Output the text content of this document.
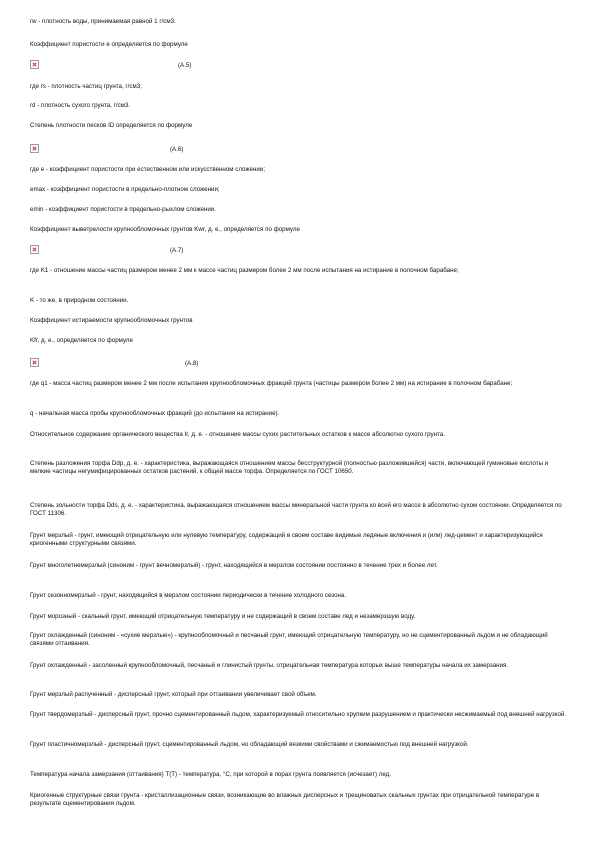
rw - плотность воды, принимаемая равной 1 г/см3.
Коэффициент пористости e определяется по формуле
(А.5)
где rs - плотность частиц грунта, г/см3;
rd - плотность сухого грунта, г/см3.
Степень плотности песков ID определяется по формуле
(А.6)
где e - коэффициент пористости при естественном или искусственном сложении;
emax - коэффициент пористости в предельно-плотном сложении;
emin - коэффициент пористости в предельно-рыхлом сложении.
Коэффициент выветрелости крупнообломочных грунтов Kwr, д. е., определяется по формуле
(А.7)
где K1 - отношение массы частиц размером менее 2 мм к массе частиц размером более 2 мм после испытания на истирание в полочном барабане;
K - то же, в природном состоянии.
Коэффициент истираемости крупнообломочных грунтов
Kfr, д. е., определяется по формуле
(А.8)
где q1 - масса частиц размером менее 2 мм после испытания крупнообломочных фракций грунта (частицы размером более 2 мм) на истирание в полочном барабане;
q - начальная масса пробы крупнообломочных фракций (до испытания на истирание).
Относительное содержание органического вещества Ir, д. е. - отношение массы сухих растительных остатков к массе абсолютно сухого грунта.
Степень разложения торфа Ddp, д. е. - характеристика, выражающаяся отношением массы бесструктурной (полностью разложившейся) части, включающей гуминовые кислоты и мелкие частицы негумифицированных остатков растений, к общей массе торфа. Определяется по ГОСТ 10650.
Степень зольности торфа Dds, д. е. - характеристика, выражающаяся отношением массы минеральной части грунта ко всей его массе в абсолютно сухом состоянии. Определяется по ГОСТ 11306.
Грунт мерзлый - грунт, имеющий отрицательную или нулевую температуру, содержащий в своем составе видимые ледяные включения и (или) лед-цемент и характеризующийся криогенными структурными связями.
Грунт многолетнемерзлый (синоним - грунт вечномерзлый) - грунт, находящийся в мерзлом состоянии постоянно в течение трех и более лет.
Грунт сезонномерзлый - грунт, находящийся в мерзлом состоянии периодически в течение холодного сезона.
Грунт морозный - скальный грунт, имеющий отрицательную температуру и не содержащий в своем составе лед и незамерзшую воду.
Грунт охлажденный (синоним - «сухие мерзлые») - крупнообломочный и песчаный грунт, имеющий отрицательную температуру, но не сцементированный льдом и не обладающий связями оттаивания.
Грунт охлажденный - засоленный крупнообломочный, песчаный и глинистый грунты, отрицательная температура которых выше температуры начала их замерзания.
Грунт мерзлый распученный - дисперсный грунт, который при оттаивании увеличивает свой объем.
Грунт твердомерзлый - дисперсный грунт, прочно сцементированный льдом, характеризуемый относительно хрупким разрушением и практически несжимаемый под внешней нагрузкой.
Грунт пластичномерзлый - дисперсный грунт, сцементированный льдом, но обладающий вязкими свойствами и сжимаемостью под внешней нагрузкой.
Температура начала замерзания (оттаивания) T(Т) - температура, °С, при которой в порах грунта появляется (исчезает) лед.
Криогенные структурные связи грунта - кристаллизационные связи, возникающие во влажных дисперсных и трещиноватых скальных грунтах при отрицательной температуре в результате сцементирования льдом.
